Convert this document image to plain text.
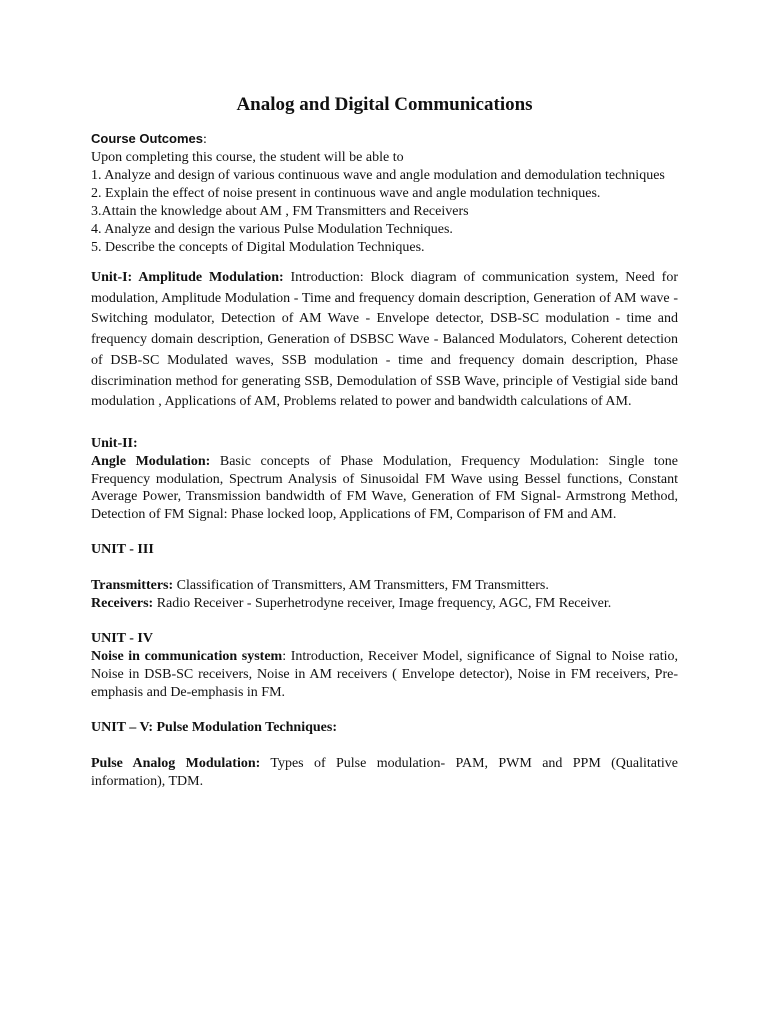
Analog and Digital Communications
Course Outcomes:
Upon completing this course, the student will be able to
1. Analyze and design of various continuous wave and angle modulation and demodulation techniques
2. Explain the effect of noise present in continuous wave and angle modulation techniques.
3.Attain the knowledge about AM , FM Transmitters and Receivers
4. Analyze and design the various Pulse Modulation Techniques.
5. Describe the concepts of Digital Modulation Techniques.

Unit-I: Amplitude Modulation: Introduction: Block diagram of communication system, Need for modulation, Amplitude Modulation - Time and frequency domain description, Generation of AM wave -Switching modulator, Detection of AM Wave - Envelope detector, DSB-SC modulation - time and frequency domain description, Generation of DSBSC Wave - Balanced Modulators, Coherent detection of DSB-SC Modulated waves, SSB modulation - time and frequency domain description, Phase discrimination method for generating SSB, Demodulation of SSB Wave, principle of Vestigial side band modulation , Applications of AM, Problems related to power and bandwidth calculations of AM.

Unit-II:

Angle Modulation: Basic concepts of Phase Modulation, Frequency Modulation: Single tone Frequency modulation, Spectrum Analysis of Sinusoidal FM Wave using Bessel functions, Constant Average Power, Transmission bandwidth of FM Wave, Generation of FM Signal- Armstrong Method, Detection of FM Signal: Phase locked loop, Applications of FM, Comparison of FM and AM.

UNIT - III

Transmitters: Classification of Transmitters, AM Transmitters, FM Transmitters.

Receivers: Radio Receiver - Superhetrodyne receiver, Image frequency, AGC, FM Receiver.

UNIT - IV

Noise in communication system: Introduction, Receiver Model, significance of Signal to Noise ratio, Noise in DSB-SC receivers, Noise in AM receivers ( Envelope detector), Noise in FM receivers, Pre-emphasis and De-emphasis in FM.

UNIT – V: Pulse Modulation Techniques:

Pulse Analog Modulation: Types of Pulse modulation- PAM, PWM and PPM (Qualitative information), TDM.
